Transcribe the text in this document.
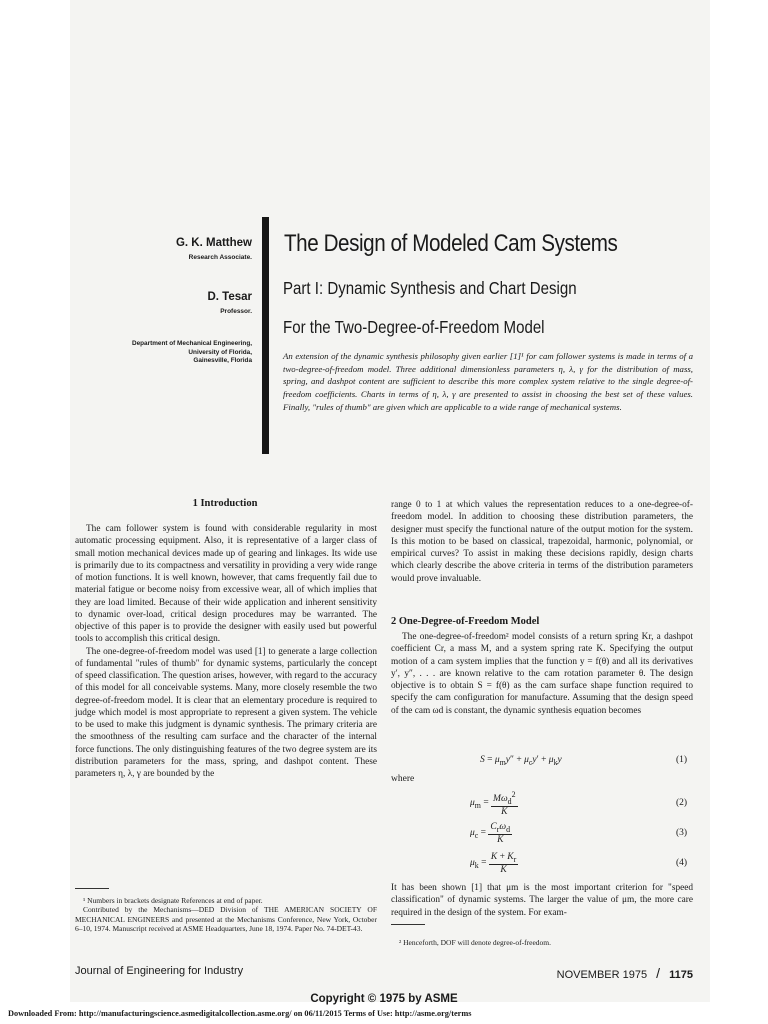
G. K. Matthew
Research Associate.
D. Tesar
Professor.
Department of Mechanical Engineering,
University of Florida,
Gainesville, Florida
The Design of Modeled Cam Systems
Part I: Dynamic Synthesis and Chart Design
For the Two-Degree-of-Freedom Model
An extension of the dynamic synthesis philosophy given earlier [1]¹ for cam follower systems is made in terms of a two-degree-of-freedom model. Three additional dimensionless parameters η, λ, γ for the distribution of mass, spring, and dashpot content are sufficient to describe this more complex system relative to the single degree-of-freedom coefficients. Charts in terms of η, λ, γ are presented to assist in choosing the best set of these values. Finally, "rules of thumb" are given which are applicable to a wide range of mechanical systems.
1 Introduction

The cam follower system is found with considerable regularity in most automatic processing equipment. Also, it is representative of a larger class of small motion mechanical devices made up of gearing and linkages. Its wide use is primarily due to its compactness and versatility in providing a very wide range of motion functions. It is well known, however, that cams frequently fail due to material fatigue or become noisy from excessive wear, all of which implies that they are load limited. Because of their wide application and inherent sensitivity to dynamic over-load, critical design procedures may be warranted. The objective of this paper is to provide the designer with easily used but powerful tools to accomplish this critical design.

The one-degree-of-freedom model was used [1] to generate a large collection of fundamental "rules of thumb" for dynamic systems, particularly the concept of speed classification. The question arises, however, with regard to the accuracy of this model for all conceivable systems. Many, more closely resemble the two degree-of-freedom model. It is clear that an elementary procedure is required to judge which model is most appropriate to represent a given system. The vehicle to be used to make this judgment is dynamic synthesis. The primary criteria are the smoothness of the resulting cam surface and the character of the internal force functions. The only distinguishing features of the two degree system are its distribution parameters for the mass, spring, and dashpot content. These parameters η, λ, γ are bounded by the

¹ Numbers in brackets designate References at end of paper.
Contributed by the Mechanisms—DED Division of THE AMERICAN SOCIETY OF MECHANICAL ENGINEERS and presented at the Mechanisms Conference, New York, October 6–10, 1974. Manuscript received at ASME Headquarters, June 18, 1974. Paper No. 74-DET-43.

range 0 to 1 at which values the representation reduces to a one-degree-of-freedom model. In addition to choosing these distribution parameters, the designer must specify the functional nature of the output motion for the system. Is this motion to be based on classical, trapezoidal, harmonic, polynomial, or empirical curves? To assist in making these decisions rapidly, design charts which clearly describe the above criteria in terms of the distribution parameters would prove invaluable.

2 One-Degree-of-Freedom Model

The one-degree-of-freedom² model consists of a return spring Kr, a dashpot coefficient Cr, a mass M, and a system spring rate K. Specifying the output motion of a cam system implies that the function y = f(θ) and all its derivatives y′, y″, . . . are known relative to the cam rotation parameter θ. The design objective is to obtain S = f(θ) as the cam surface shape function required to specify the cam configuration for manufacture. Assuming that the design speed of the cam ωd is constant, the dynamic synthesis equation becomes

$S = \mu_my'' + \mu_cy' + \mu_ky$	(1)
where
$\mu_m = M\omega_d^2$
K
(2)
$\mu_c$ =
$C_r\omega_d$
K
(3)
$\mu_k = \frac{K + K_r}{K}$	(4)

It has been shown [1] that μm is the most important criterion for "speed classification" of dynamic systems. The larger the value of μm, the more care required in the design of the system. For exam-

² Henceforth, DOF will denote degree-of-freedom.
Journal of Engineering for Industry	NOVEMBER 1975 / 1175
Copyright © 1975 by ASME
Downloaded From: http://manufacturingscience.asmedigitalcollection.asme.org/ on 06/11/2015 Terms of Use: http://asme.org/terms
